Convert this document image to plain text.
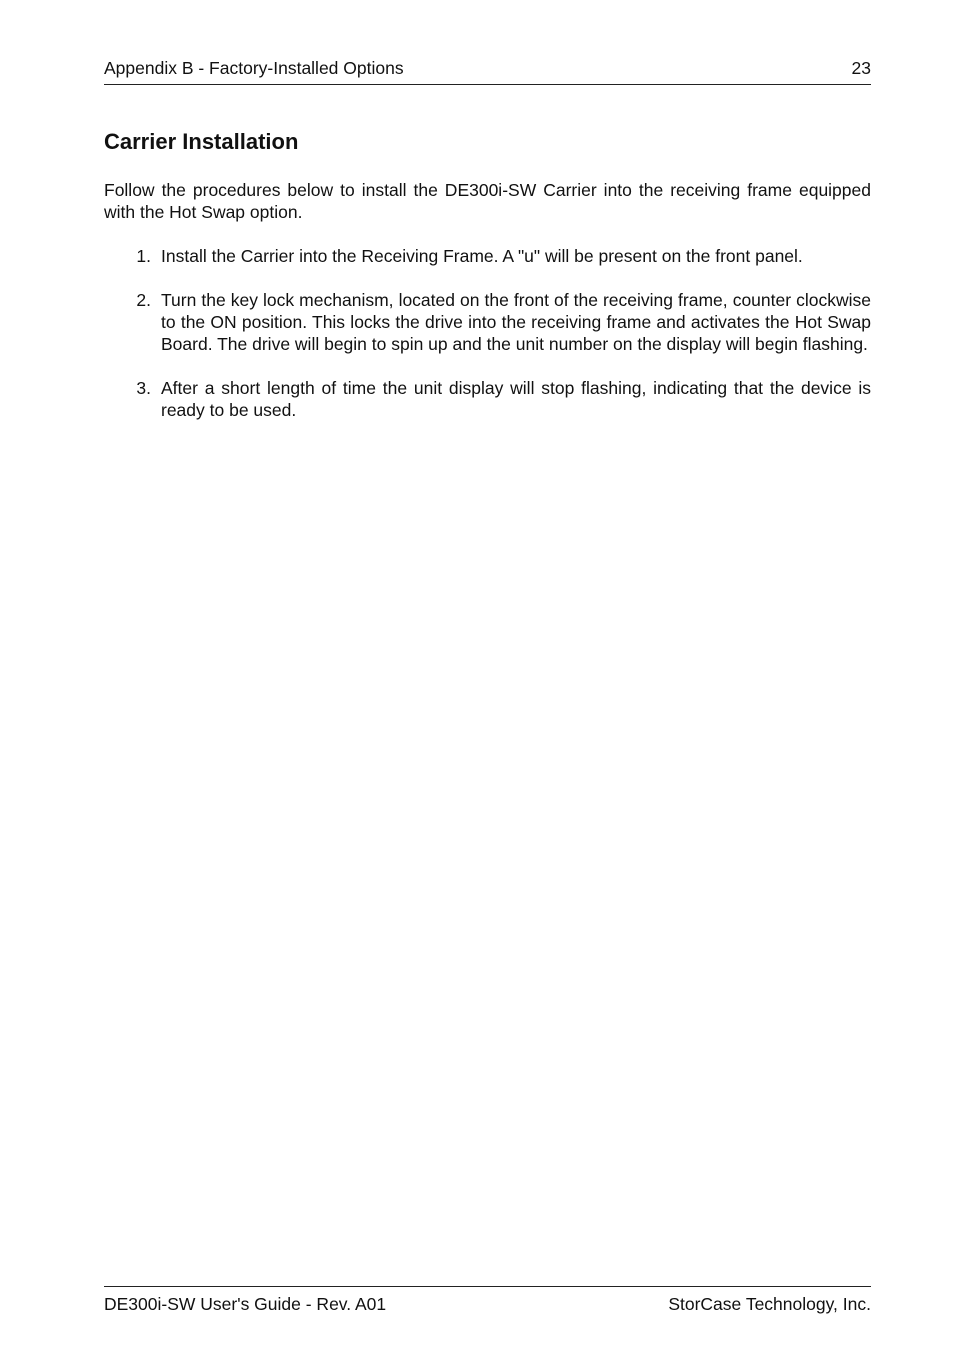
Appendix B - Factory-Installed Options	23
Carrier Installation

Follow the procedures below to install the DE300i-SW Carrier into the receiving frame equipped with the Hot Swap option.

1. Install the Carrier into the Receiving Frame. A "u" will be present on the front panel.
2. Turn the key lock mechanism, located on the front of the receiving frame, counter clockwise to the ON position. This locks the drive into the receiving frame and activates the Hot Swap Board. The drive will begin to spin up and the unit number on the display will begin flashing.
3. After a short length of time the unit display will stop flashing, indicating that the device is ready to be used.
DE300i-SW User's Guide - Rev. A01	StorCase Technology, Inc.
